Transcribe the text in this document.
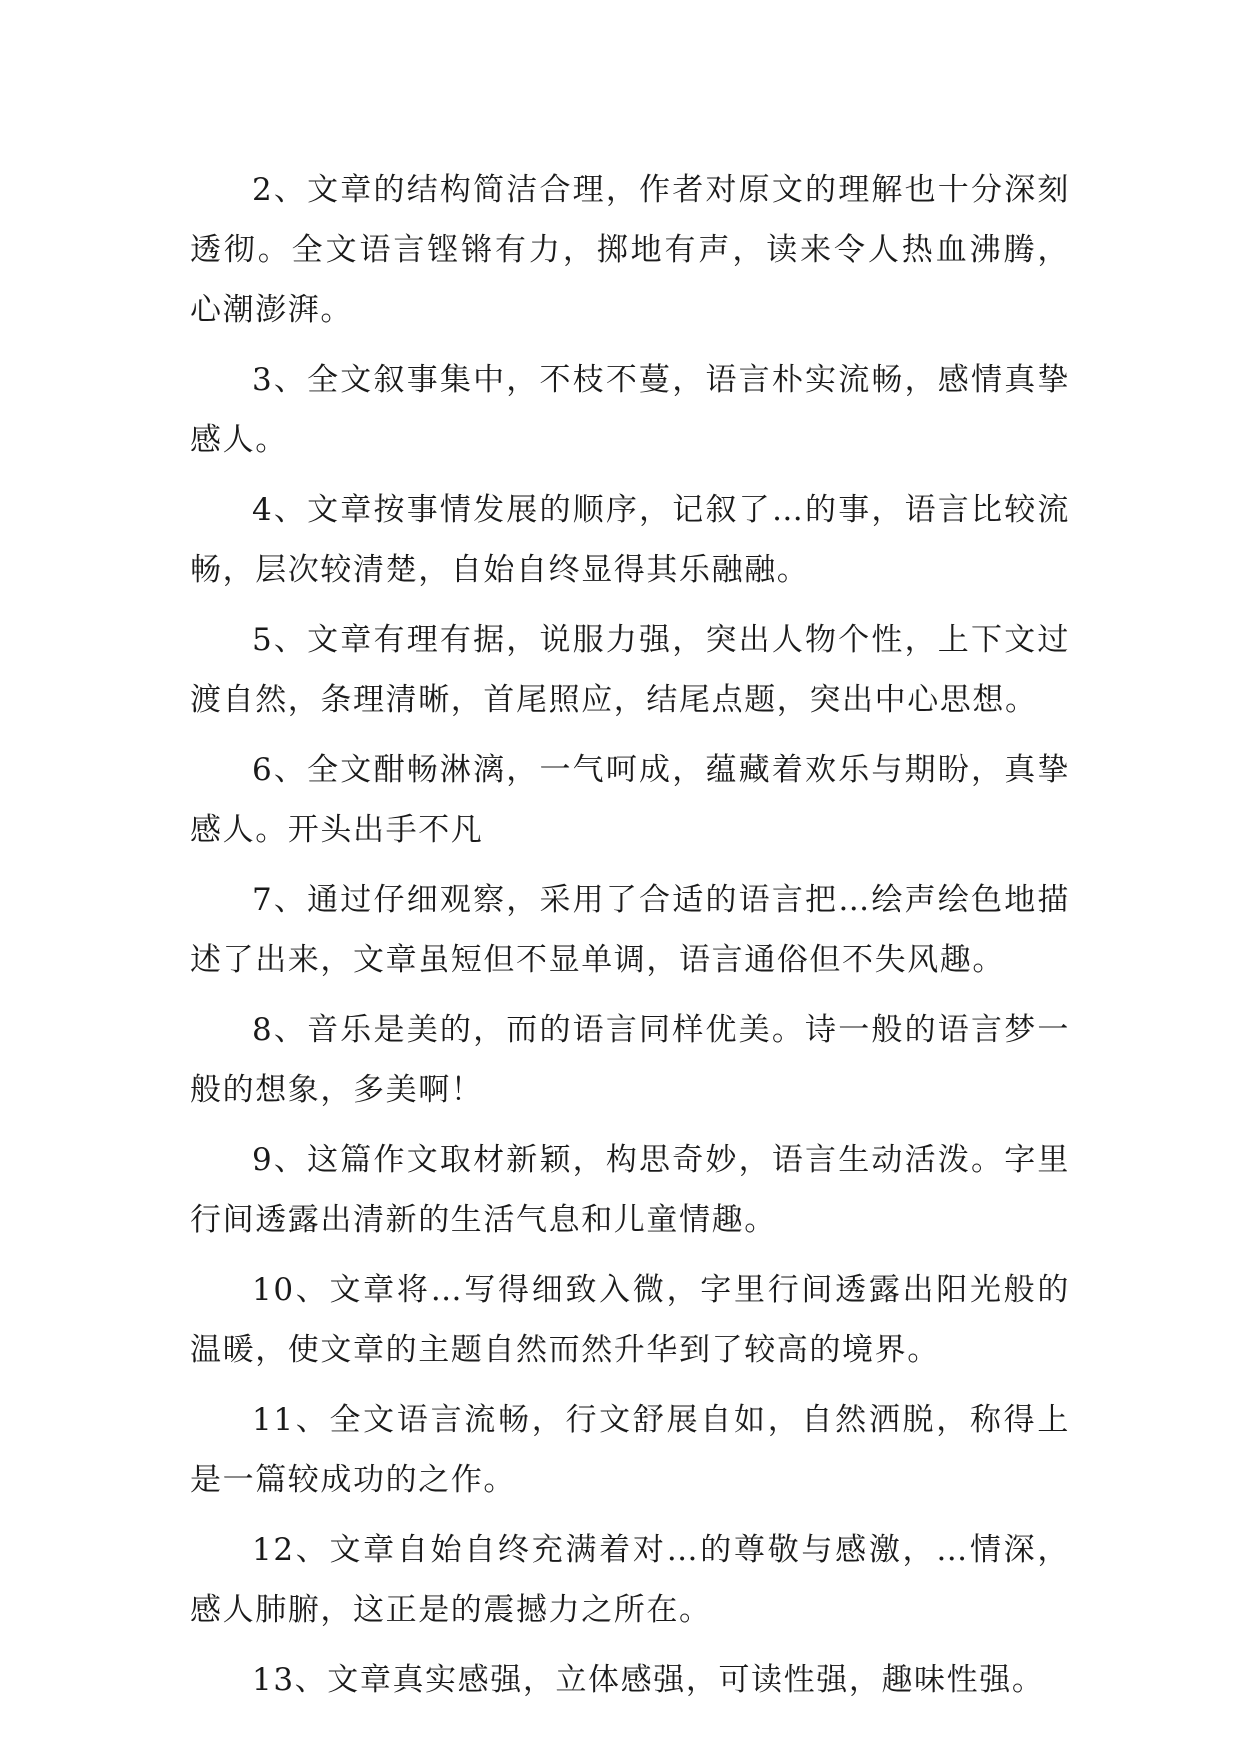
2、文章的结构简洁合理，作者对原文的理解也十分深刻透彻。全文语言铿锵有力，掷地有声，读来令人热血沸腾，心潮澎湃。

3、全文叙事集中，不枝不蔓，语言朴实流畅，感情真挚感人。

4、文章按事情发展的顺序，记叙了…的事，语言比较流畅，层次较清楚，自始自终显得其乐融融。

5、文章有理有据，说服力强，突出人物个性，上下文过渡自然，条理清晰，首尾照应，结尾点题，突出中心思想。

6、全文酣畅淋漓，一气呵成，蕴藏着欢乐与期盼，真挚感人。开头出手不凡

7、通过仔细观察，采用了合适的语言把…绘声绘色地描述了出来，文章虽短但不显单调，语言通俗但不失风趣。

8、音乐是美的，而的语言同样优美。诗一般的语言梦一般的想象，多美啊！

9、这篇作文取材新颖，构思奇妙，语言生动活泼。字里行间透露出清新的生活气息和儿童情趣。

10、文章将…写得细致入微，字里行间透露出阳光般的温暖，使文章的主题自然而然升华到了较高的境界。

11、全文语言流畅，行文舒展自如，自然洒脱，称得上是一篇较成功的之作。

12、文章自始自终充满着对…的尊敬与感激，…情深，感人肺腑，这正是的震撼力之所在。

13、文章真实感强，立体感强，可读性强，趣味性强。
